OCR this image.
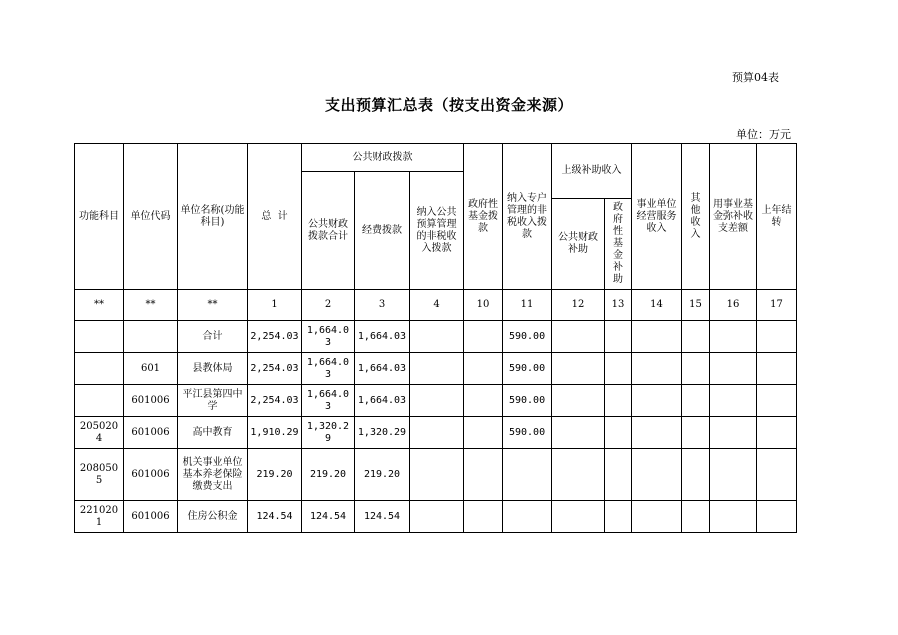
预算04表
支出预算汇总表（按支出资金来源）
单位：万元
功能科目	单位代码	单位名称(功能科目)	总  计	公共财政拨款			政府性基金拨款	纳入专户管理的非税收入拨款	上级补助收入		事业单位经营服务收入	其他收入	用事业基金弥补收支差额	上年结转
				公共财政拨款合计	经费拨款	纳入公共预算管理的非税收入拨款								
									公共财政补助	政府性基金补助				
**	**	**	1	2	3	4	10	11	12	13	14	15	16	17
		合计	2,254.03	1,664.03	1,664.03			590.00						
	601	县教体局	2,254.03	1,664.03	1,664.03			590.00						
	601006	平江县第四中学	2,254.03	1,664.03	1,664.03			590.00						
2050204	601006	高中教育	1,910.29	1,320.29	1,320.29			590.00						
2080505	601006	机关事业单位基本养老保险缴费支出	219.20	219.20	219.20									
2210201	601006	住房公积金	124.54	124.54	124.54									
